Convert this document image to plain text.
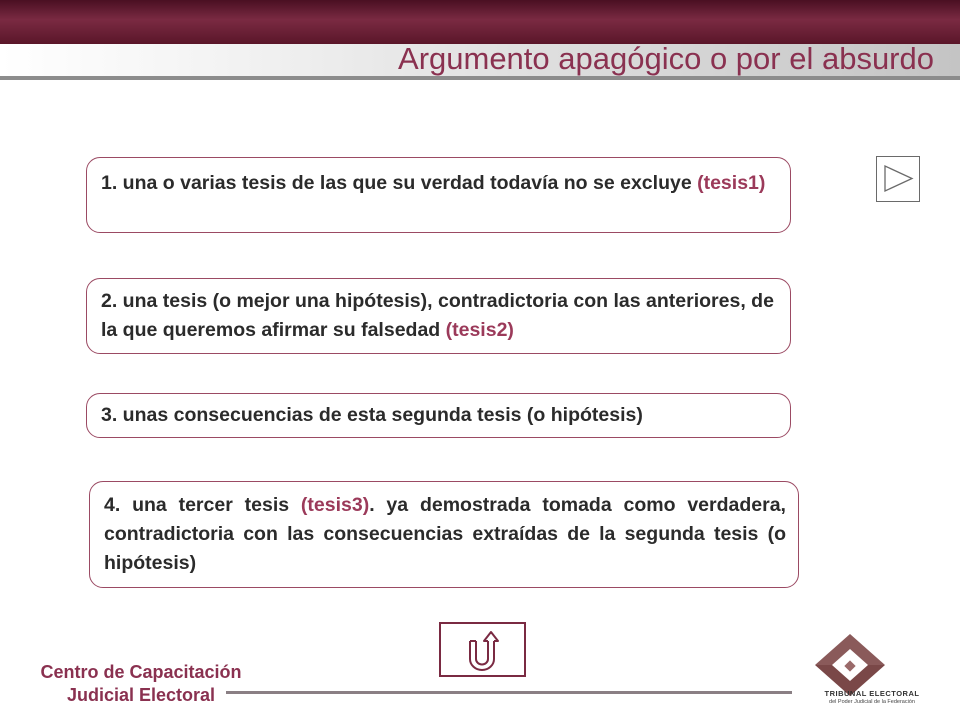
Argumento apagógico o por el absurdo
1. una o varias tesis de las que su verdad todavía no se excluye (tesis1)
2. una tesis (o mejor una hipótesis), contradictoria con las anteriores, de la que queremos afirmar su falsedad (tesis2)
3. unas consecuencias de esta segunda tesis (o hipótesis)
4. una tercer tesis (tesis3). ya demostrada tomada como verdadera, contradictoria con las consecuencias extraídas de la segunda tesis (o hipótesis)
Centro de Capacitación
Judicial Electoral	TRIBUNAL ELECTORAL
del Poder Judicial de la Federación
